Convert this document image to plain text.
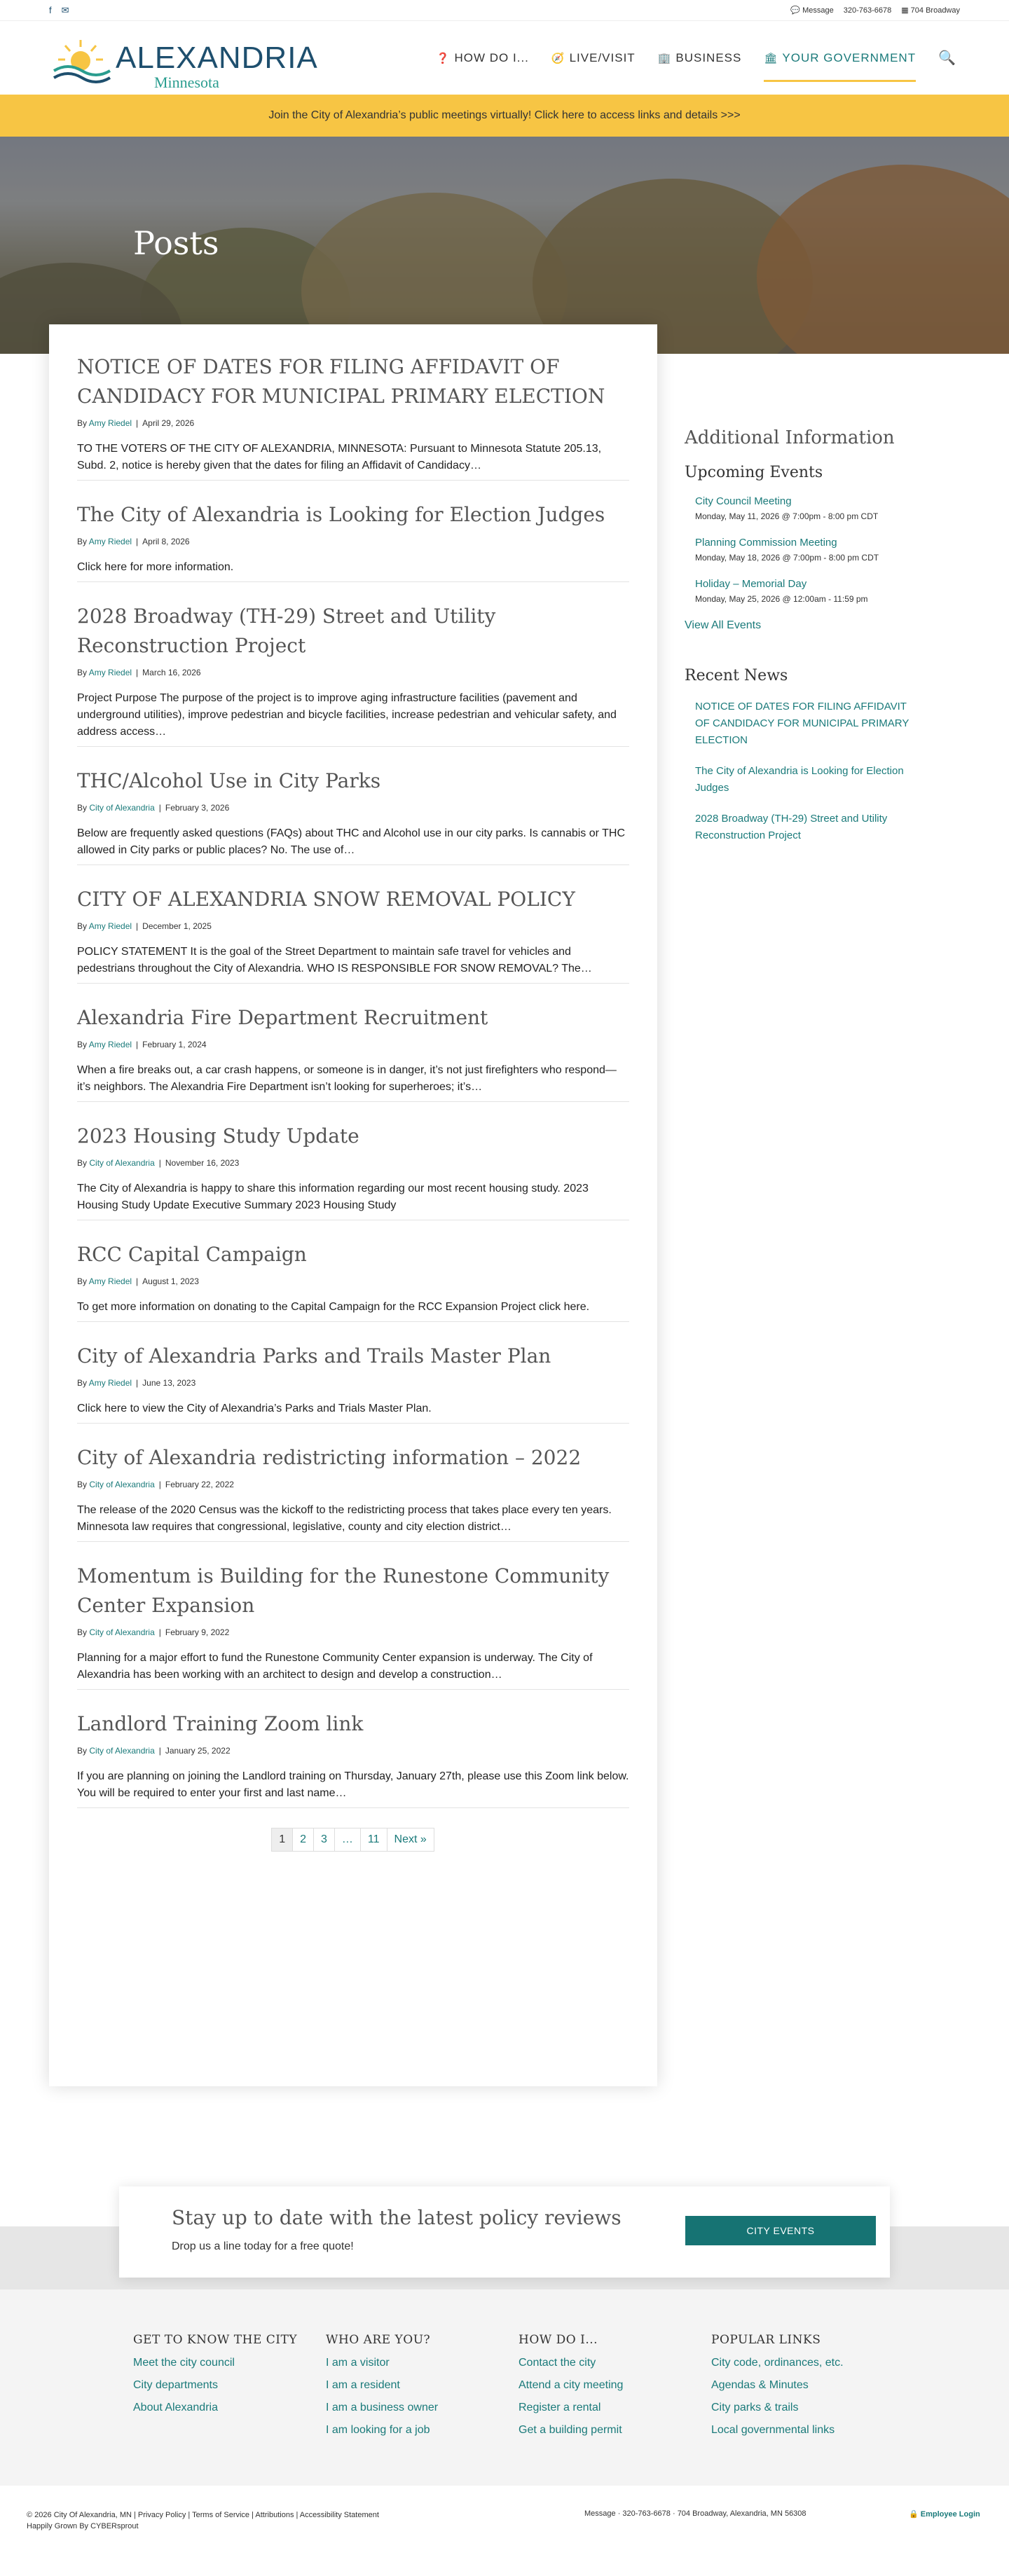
f ✉	💬 Message 320-763-6678 ▦ 704 Broadway
ALEXANDRIA
Minnesota
❓ HOW DO I... 🧭 LIVE/VISIT 🏢 BUSINESS 🏛 YOUR GOVERNMENT 🔍
Join the City of Alexandria’s public meetings virtually! Click here to access links and details >>>
Posts
NOTICE OF DATES FOR FILING AFFIDAVIT OF CANDIDACY FOR MUNICIPAL PRIMARY ELECTION
By Amy Riedel | April 29, 2026

TO THE VOTERS OF THE CITY OF ALEXANDRIA, MINNESOTA: Pursuant to Minnesota Statute 205.13, Subd. 2, notice is hereby given that the dates for filing an Affidavit of Candidacy…

The City of Alexandria is Looking for Election Judges
By Amy Riedel | April 8, 2026

Click here for more information.

2028 Broadway (TH-29) Street and Utility Reconstruction Project
By Amy Riedel | March 16, 2026

Project Purpose The purpose of the project is to improve aging infrastructure facilities (pavement and underground utilities), improve pedestrian and bicycle facilities, increase pedestrian and vehicular safety, and address access…

THC/Alcohol Use in City Parks
By City of Alexandria | February 3, 2026

Below are frequently asked questions (FAQs) about THC and Alcohol use in our city parks. Is cannabis or THC allowed in City parks or public places? No. The use of…

CITY OF ALEXANDRIA SNOW REMOVAL POLICY
By Amy Riedel | December 1, 2025

POLICY STATEMENT It is the goal of the Street Department to maintain safe travel for vehicles and pedestrians throughout the City of Alexandria. WHO IS RESPONSIBLE FOR SNOW REMOVAL? The…

Alexandria Fire Department Recruitment
By Amy Riedel | February 1, 2024

When a fire breaks out, a car crash happens, or someone is in danger, it’s not just firefighters who respond—it’s neighbors. The Alexandria Fire Department isn’t looking for superheroes; it’s…

2023 Housing Study Update
By City of Alexandria | November 16, 2023

The City of Alexandria is happy to share this information regarding our most recent housing study. 2023 Housing Study Update Executive Summary 2023 Housing Study

RCC Capital Campaign
By Amy Riedel | August 1, 2023

To get more information on donating to the Capital Campaign for the RCC Expansion Project click here.

City of Alexandria Parks and Trails Master Plan
By Amy Riedel | June 13, 2023

Click here to view the City of Alexandria’s Parks and Trials Master Plan.

City of Alexandria redistricting information – 2022
By City of Alexandria | February 22, 2022

The release of the 2020 Census was the kickoff to the redistricting process that takes place every ten years. Minnesota law requires that congressional, legislative, county and city election district…

Momentum is Building for the Runestone Community Center Expansion
By City of Alexandria | February 9, 2022

Planning for a major effort to fund the Runestone Community Center expansion is underway. The City of Alexandria has been working with an architect to design and develop a construction…

Landlord Training Zoom link
By City of Alexandria | January 25, 2022

If you are planning on joining the Landlord training on Thursday, January 27th, please use this Zoom link below. You will be required to enter your first and last name…

1	2	3	…	11	Next »
Additional Information
Upcoming Events
City Council Meeting
Monday, May 11, 2026 @ 7:00pm - 8:00 pm CDT
Planning Commission Meeting
Monday, May 18, 2026 @ 7:00pm - 8:00 pm CDT
Holiday – Memorial Day
Monday, May 25, 2026 @ 12:00am - 11:59 pm
View All Events
Recent News
NOTICE OF DATES FOR FILING AFFIDAVIT OF CANDIDACY FOR MUNICIPAL PRIMARY ELECTION
The City of Alexandria is Looking for Election Judges
2028 Broadway (TH-29) Street and Utility Reconstruction Project
Stay up to date with the latest policy reviews

Drop us a line today for a free quote!

CITY EVENTS
GET TO KNOW THE CITY
Meet the city council
City departments
About Alexandria
WHO ARE YOU?
I am a visitor
I am a resident
I am a business owner
I am looking for a job
HOW DO I...
Contact the city
Attend a city meeting
Register a rental
Get a building permit
POPULAR LINKS
City code, ordinances, etc.
Agendas & Minutes
City parks & trails
Local governmental links
© 2026 City Of Alexandria, MN | Privacy Policy | Terms of Service | Attributions | Accessibility Statement
Happily Grown By CYBERsprout
Message · 320-763-6678 · 704 Broadway, Alexandria, MN 56308	🔒 Employee Login
